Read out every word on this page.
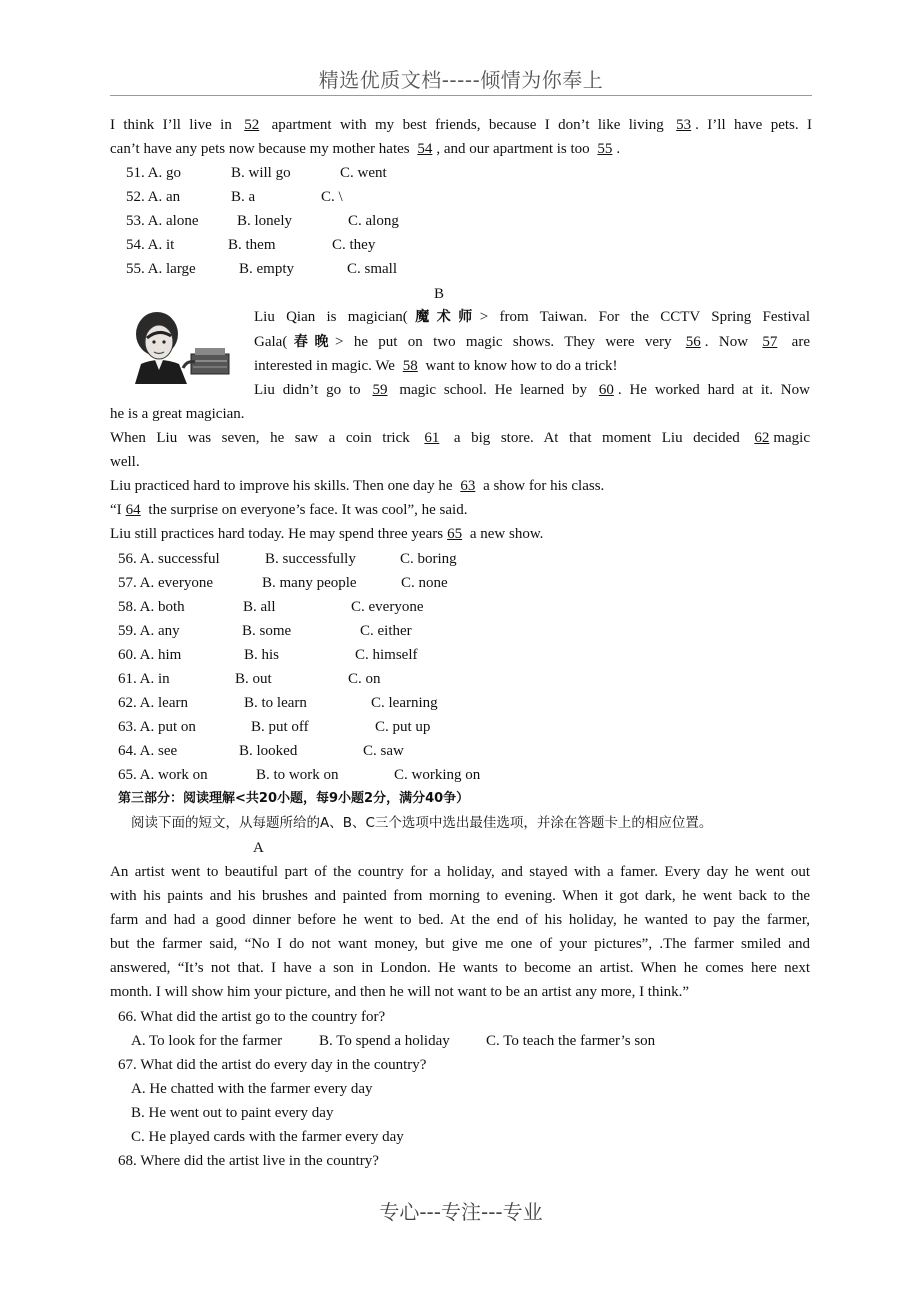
精选优质文档-----倾情为你奉上
I think I’ll live in 52 apartment with my best friends, because I don’t like living 53 . I’ll have pets. I
can’t have any pets now because my mother hates 54 , and our apartment is too 55 .
51. A. go	B. will go	C. went
52. A. an	B. a	C. \
53. A. alone	B. lonely	C. along
54. A. it	B. them	C. they
55. A. large	B. empty	C. small
B
Liu Qian is magician(魔术师> from Taiwan. For the CCTV Spring Festival
Gala(春晚> he put on two magic shows. They were very 56 . Now 57 are
interested in magic. We 58 want to know how to do a trick!
Liu didn’t go to 59 magic school. He learned by 60 . He worked hard at it. Now
he is a great magician.
When Liu was seven, he saw a coin trick 61 a big store. At that moment Liu decided 62 magic
well.
Liu practiced hard to improve his skills. Then one day he 63 a show for his class.
“I 64 the surprise on everyone’s face. It was cool”, he said.
Liu still practices hard today. He may spend three years 65 a new show.
56. A. successful	B. successfully	C. boring
57. A. everyone	B. many people	C. none
58. A. both	B. all	C. everyone
59. A. any	B. some	C. either
60. A. him	B. his	C. himself
61. A. in	B. out	C. on
62. A. learn	B. to learn	C. learning
63. A. put on	B. put off	C. put up
64. A. see	B. looked	C. saw
65. A. work on	B. to work on	C. working on
第三部分：阅读理解<共20小题，每9小题2分，满分40争）
阅读下面的短文，从每题所给的A、B、C三个选项中选出最佳选项，并涂在答题卡上的相应位置。
A
An artist went to beautiful part of the country for a holiday, and stayed with a famer. Every day he went out
with his paints and his brushes and painted from morning to evening. When it got dark, he went back to the
farm and had a good dinner before he went to bed. At the end of his holiday, he wanted to pay the farmer,
but the farmer said, “No I do not want money, but give me one of your pictures”, .The farmer smiled and
answered, “It’s not that. I have a son in London. He wants to become an artist. When he comes here next
month. I will show him your picture, and then he will not want to be an artist any more, I think.”
66. What did the artist go to the country for?
A. To look for the farmer B. To spend a holiday C. To teach the farmer’s son
67. What did the artist do every day in the country?
A. He chatted with the farmer every day
B. He went out to paint every day
C. He played cards with the farmer every day
68. Where did the artist live in the country?
专心---专注---专业
